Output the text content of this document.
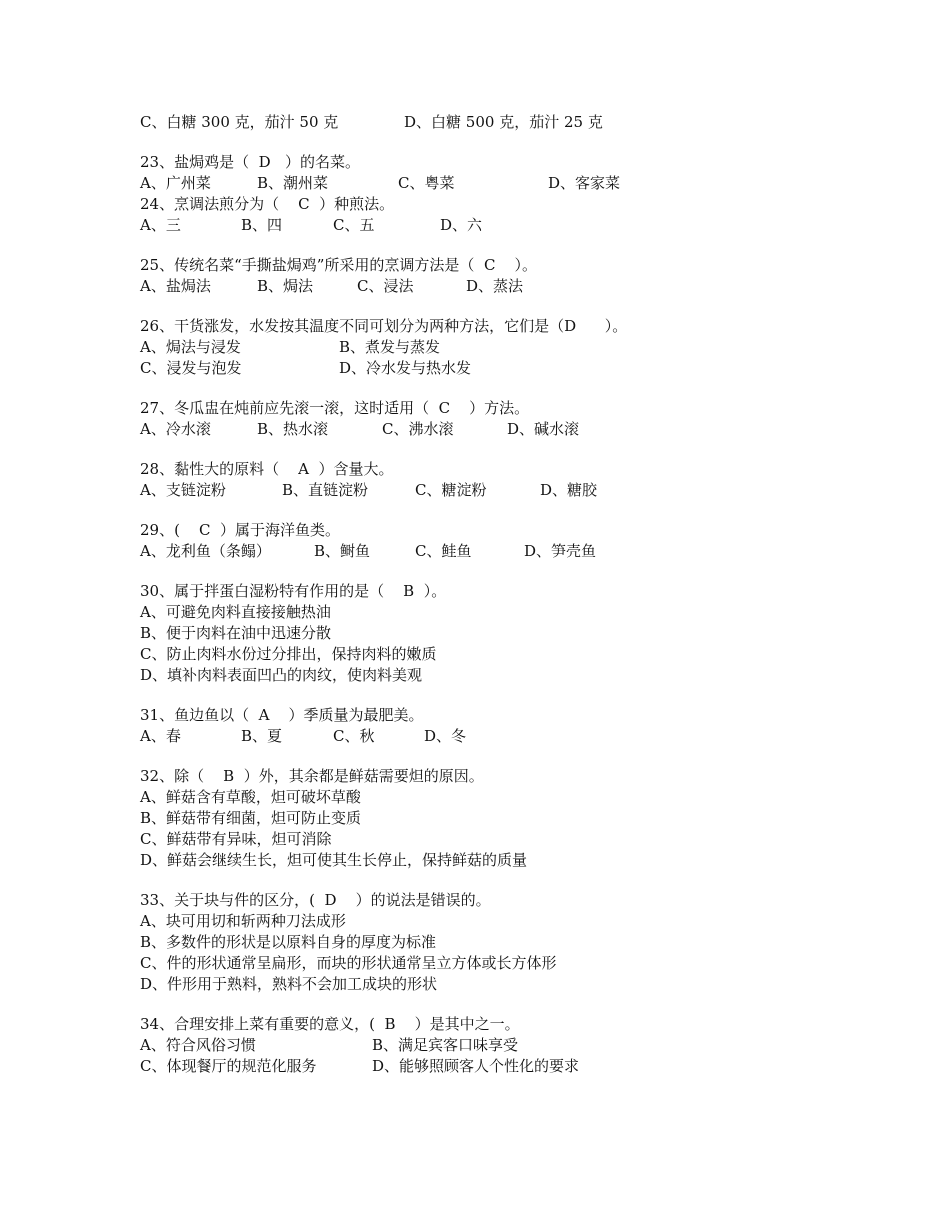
C、白糖 300 克，茄汁 50 克

	D、白糖 500 克，茄汁 25 克

23、盐焗鸡是（  D   ）的名菜。

A、广州菜

	B、潮州菜

	C、粤菜

	D、客家菜

24、烹调法煎分为（    C  ）种煎法。

A、三

	B、四

	C、五

	D、六

25、传统名菜“手撕盐焗鸡”所采用的烹调方法是（  C    ）。

A、盐焗法

	B、焗法

	C、浸法

	D、蒸法

26、干货涨发，水发按其温度不同可划分为两种方法，它们是（D      ）。

A、焗法与浸发

	B、煮发与蒸发

C、浸发与泡发

	D、冷水发与热水发

27、冬瓜盅在炖前应先滚一滚，这时适用（  C    ）方法。

A、冷水滚

	B、热水滚

	C、沸水滚

	D、碱水滚

28、黏性大的原料（    A  ）含量大。

A、支链淀粉

	B、直链淀粉

	C、糖淀粉

	D、糖胶

29、(    C  ）属于海洋鱼类。

A、龙利鱼（条鳎）

	B、鲥鱼

	C、鲑鱼

	D、笋壳鱼

30、属于拌蛋白湿粉特有作用的是（    B  ）。
A、可避免肉料直接接触热油
B、便于肉料在油中迅速分散
C、防止肉料水份过分排出，保持肉料的嫩质
D、填补肉料表面凹凸的肉纹，使肉料美观
31、鱼边鱼以（  A    ）季质量为最肥美。

A、春

	B、夏

	C、秋

	D、冬

32、除（    B  ）外，其余都是鲜菇需要炟的原因。
A、鲜菇含有草酸，炟可破坏草酸
B、鲜菇带有细菌，炟可防止变质
C、鲜菇带有异味，炟可消除
D、鲜菇会继续生长，炟可使其生长停止，保持鲜菇的质量
33、关于块与件的区分，(  D    ）的说法是错误的。
A、块可用切和斩两种刀法成形
B、多数件的形状是以原料自身的厚度为标准
C、件的形状通常呈扁形，而块的形状通常呈立方体或长方体形
D、件形用于熟料，熟料不会加工成块的形状
34、合理安排上菜有重要的意义，(  B    ）是其中之一。

A、符合风俗习惯

	B、满足宾客口味享受

C、体现餐厅的规范化服务

	D、能够照顾客人个性化的要求
